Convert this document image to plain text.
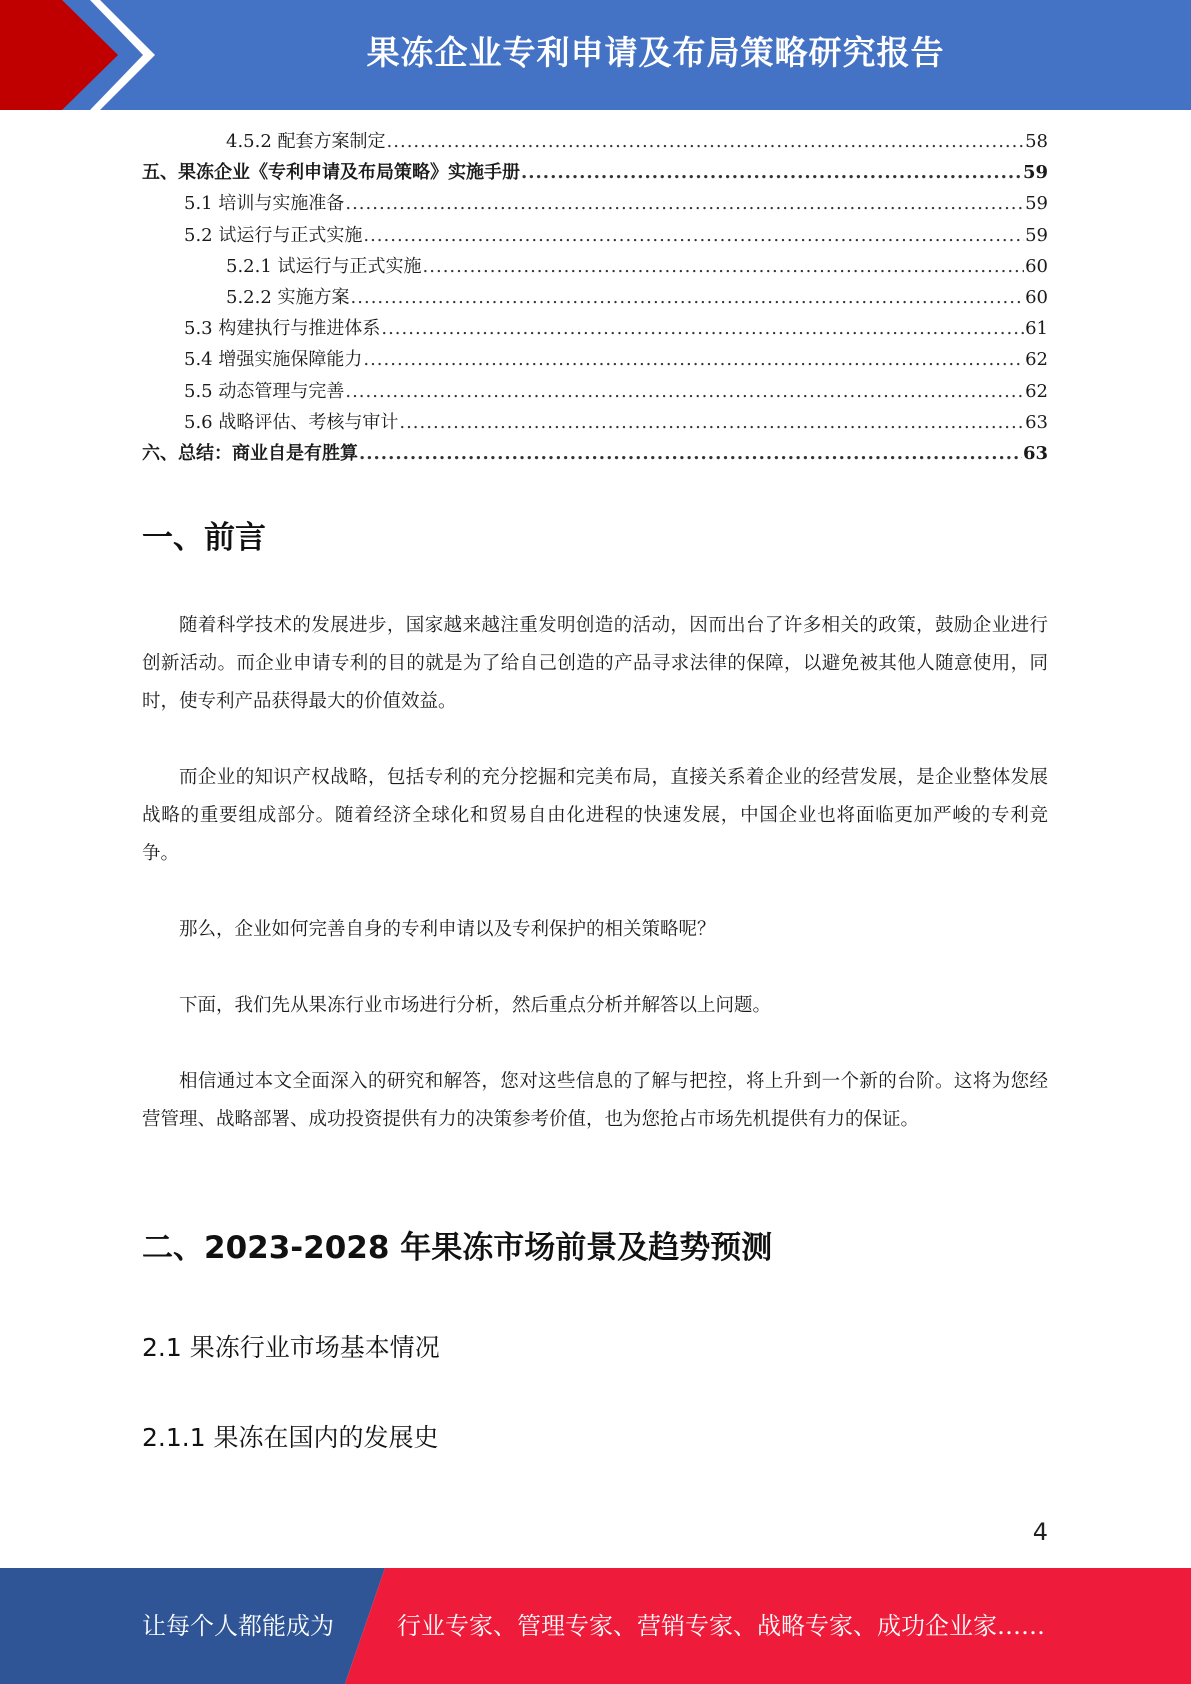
果冻企业专利申请及布局策略研究报告
4.5.2 配套方案制定 .....	58
五、果冻企业《专利申请及布局策略》实施手册 .....	59
5.1 培训与实施准备 .....	59
5.2 试运行与正式实施 .....	59
5.2.1 试运行与正式实施 .....	60
5.2.2 实施方案 .....	60
5.3 构建执行与推进体系 .....	61
5.4 增强实施保障能力 .....	62
5.5 动态管理与完善 .....	62
5.6 战略评估、考核与审计 .....	63
六、总结：商业自是有胜算 .....	63
一、前言

随着科学技术的发展进步，国家越来越注重发明创造的活动，因而出台了许多相关的政策，鼓励企业进行创新活动。而企业申请专利的目的就是为了给自己创造的产品寻求法律的保障，以避免被其他人随意使用，同时，使专利产品获得最大的价值效益。

而企业的知识产权战略，包括专利的充分挖掘和完美布局，直接关系着企业的经营发展，是企业整体发展战略的重要组成部分。随着经济全球化和贸易自由化进程的快速发展，中国企业也将面临更加严峻的专利竞争。

那么，企业如何完善自身的专利申请以及专利保护的相关策略呢？

下面，我们先从果冻行业市场进行分析，然后重点分析并解答以上问题。

相信通过本文全面深入的研究和解答，您对这些信息的了解与把控，将上升到一个新的台阶。这将为您经营管理、战略部署、成功投资提供有力的决策参考价值，也为您抢占市场先机提供有力的保证。

二、2023-2028 年果冻市场前景及趋势预测
2.1 果冻行业市场基本情况
2.1.1 果冻在国内的发展史
4
让每个人都能成为	行业专家、管理专家、营销专家、战略专家、成功企业家……
